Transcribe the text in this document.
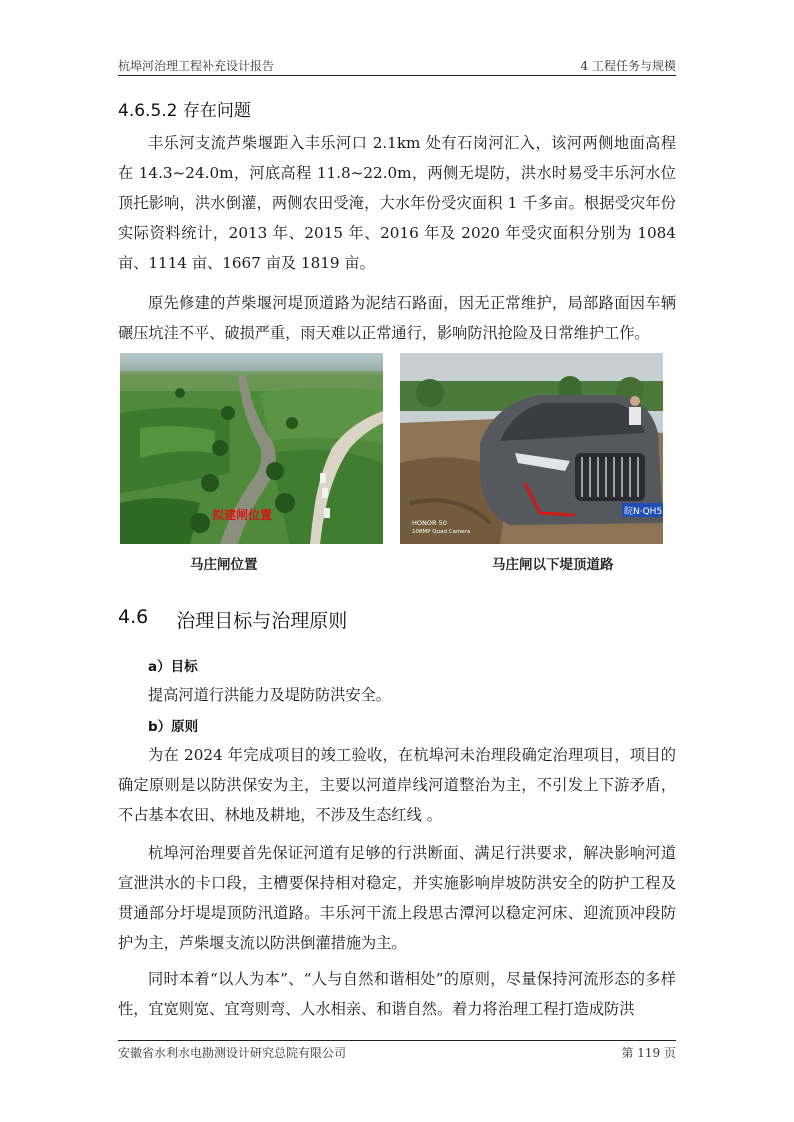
杭埠河治理工程补充设计报告	4 工程任务与规模
4.6.5.2 存在问题

丰乐河支流芦柴堰距入丰乐河口 2.1km 处有石岗河汇入，该河两侧地面高程在 14.3~24.0m，河底高程 11.8~22.0m，两侧无堤防，洪水时易受丰乐河水位顶托影响，洪水倒灌，两侧农田受淹，大水年份受灾面积 1 千多亩。根据受灾年份实际资料统计，2013 年、2015 年、2016 年及 2020 年受灾面积分别为 1084 亩、1114 亩、1667 亩及 1819 亩。

原先修建的芦柴堰河堤顶道路为泥结石路面，因无正常维护，局部路面因车辆碾压坑洼不平、破损严重，雨天难以正常通行，影响防汛抢险及日常维护工作。

拟建闸位置
马庄闸位置
皖N·QH5
HONOR 50
108MP Quad Camera
马庄闸以下堤顶道路
4.6 治理目标与治理原则
a）目标

提高河道行洪能力及堤防防洪安全。

b）原则

为在 2024 年完成项目的竣工验收，在杭埠河未治理段确定治理项目，项目的确定原则是以防洪保安为主，主要以河道岸线河道整治为主，不引发上下游矛盾，不占基本农田、林地及耕地，不涉及生态红线 。

杭埠河治理要首先保证河道有足够的行洪断面、满足行洪要求，解决影响河道宣泄洪水的卡口段，主槽要保持相对稳定，并实施影响岸坡防洪安全的防护工程及贯通部分圩堤堤顶防汛道路。丰乐河干流上段思古潭河以稳定河床、迎流顶冲段防护为主，芦柴堰支流以防洪倒灌措施为主。

同时本着“以人为本”、“人与自然和谐相处”的原则，尽量保持河流形态的多样性，宜宽则宽、宜弯则弯、人水相亲、和谐自然。着力将治理工程打造成防洪

安徽省水利水电勘测设计研究总院有限公司	第 119 页
